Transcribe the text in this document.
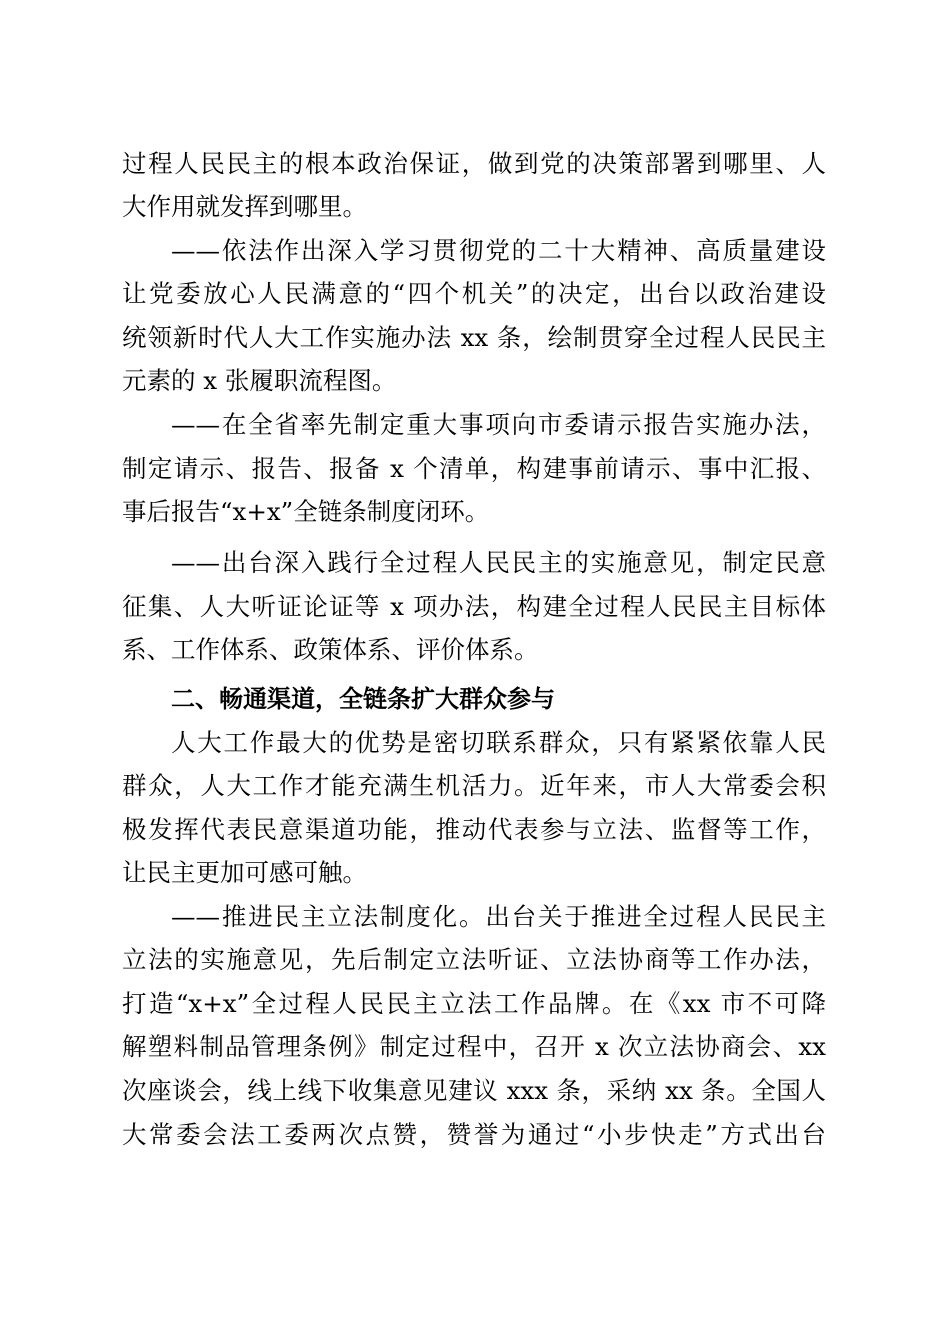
过程人民民主的根本政治保证，做到党的决策部署到哪里、人
大作用就发挥到哪里。
——依法作出深入学习贯彻党的二十大精神、高质量建设
让党委放心人民满意的“四个机关”的决定，出台以政治建设
统领新时代人大工作实施办法 xx 条，绘制贯穿全过程人民民主
元素的 x 张履职流程图。
——在全省率先制定重大事项向市委请示报告实施办法，
制定请示、报告、报备 x 个清单，构建事前请示、事中汇报、
事后报告“x+x”全链条制度闭环。
——出台深入践行全过程人民民主的实施意见，制定民意
征集、人大听证论证等 x 项办法，构建全过程人民民主目标体
系、工作体系、政策体系、评价体系。
二、畅通渠道，全链条扩大群众参与
人大工作最大的优势是密切联系群众，只有紧紧依靠人民
群众，人大工作才能充满生机活力。近年来，市人大常委会积
极发挥代表民意渠道功能，推动代表参与立法、监督等工作，
让民主更加可感可触。
——推进民主立法制度化。出台关于推进全过程人民民主
立法的实施意见，先后制定立法听证、立法协商等工作办法，
打造“x+x”全过程人民民主立法工作品牌。在《xx 市不可降
解塑料制品管理条例》制定过程中，召开 x 次立法协商会、xx
次座谈会，线上线下收集意见建议 xxx 条，采纳 xx 条。全国人
大常委会法工委两次点赞，赞誉为通过“小步快走”方式出台
